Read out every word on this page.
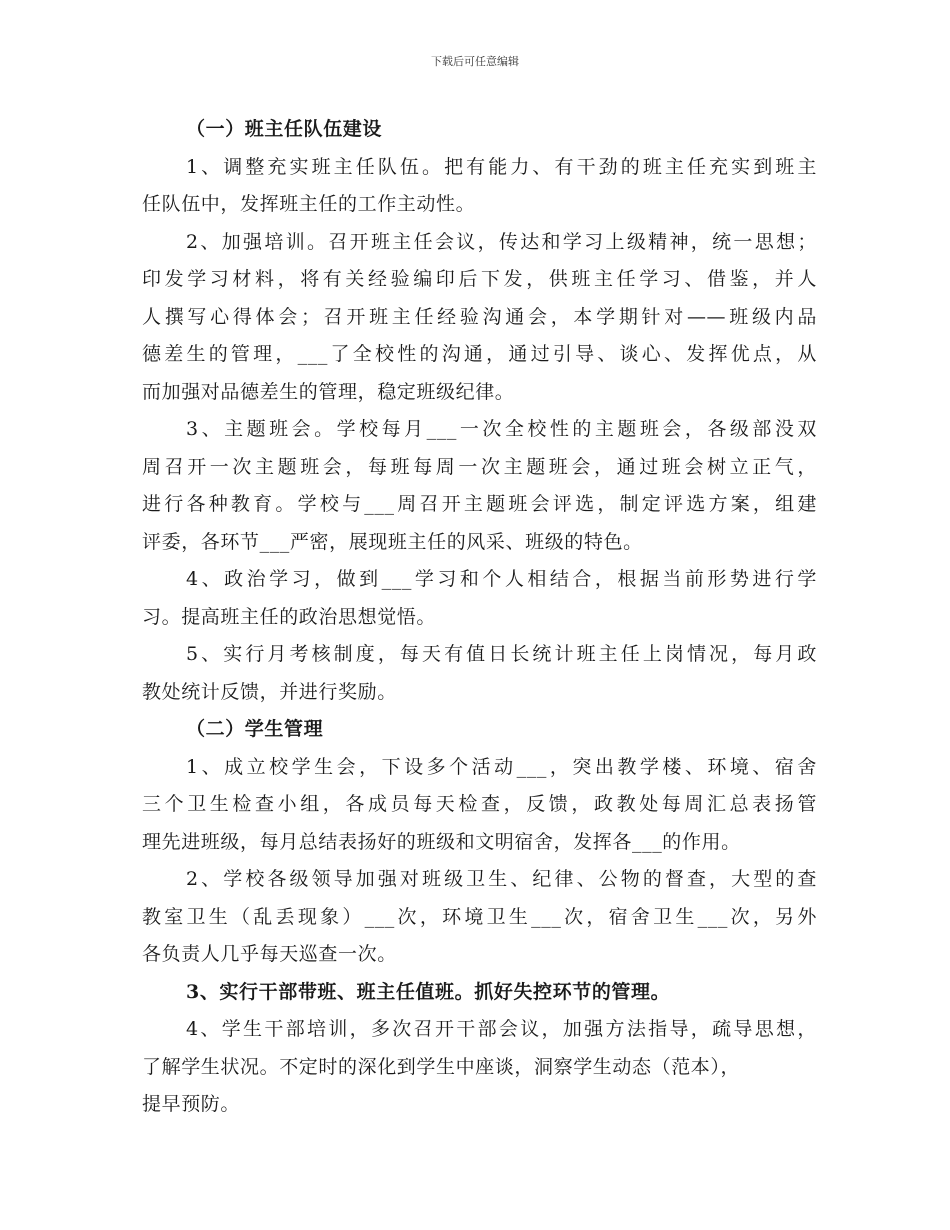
下载后可任意编辑
（一）班主任队伍建设
1、调整充实班主任队伍。把有能力、有干劲的班主任充实到班主
任队伍中，发挥班主任的工作主动性。
2、加强培训。召开班主任会议，传达和学习上级精神，统一思想；
印发学习材料，将有关经验编印后下发，供班主任学习、借鉴，并人
人撰写心得体会；召开班主任经验沟通会，本学期针对——班级内品
德差生的管理，___了全校性的沟通，通过引导、谈心、发挥优点，从
而加强对品德差生的管理，稳定班级纪律。
3、主题班会。学校每月___一次全校性的主题班会，各级部没双
周召开一次主题班会，每班每周一次主题班会，通过班会树立正气，
进行各种教育。学校与___周召开主题班会评选，制定评选方案，组建
评委，各环节___严密，展现班主任的风采、班级的特色。
4、政治学习，做到___学习和个人相结合，根据当前形势进行学
习。提高班主任的政治思想觉悟。
5、实行月考核制度，每天有值日长统计班主任上岗情况，每月政
教处统计反馈，并进行奖励。
（二）学生管理
1、成立校学生会，下设多个活动___，突出教学楼、环境、宿舍
三个卫生检查小组，各成员每天检查，反馈，政教处每周汇总表扬管
理先进班级，每月总结表扬好的班级和文明宿舍，发挥各___的作用。
2、学校各级领导加强对班级卫生、纪律、公物的督查，大型的查
教室卫生（乱丢现象）___次，环境卫生___次，宿舍卫生___次，另外
各负责人几乎每天巡查一次。
3、实行干部带班、班主任值班。抓好失控环节的管理。
4、学生干部培训，多次召开干部会议，加强方法指导，疏导思想，
了解学生状况。不定时的深化到学生中座谈，洞察学生动态（范本），
提早预防。
